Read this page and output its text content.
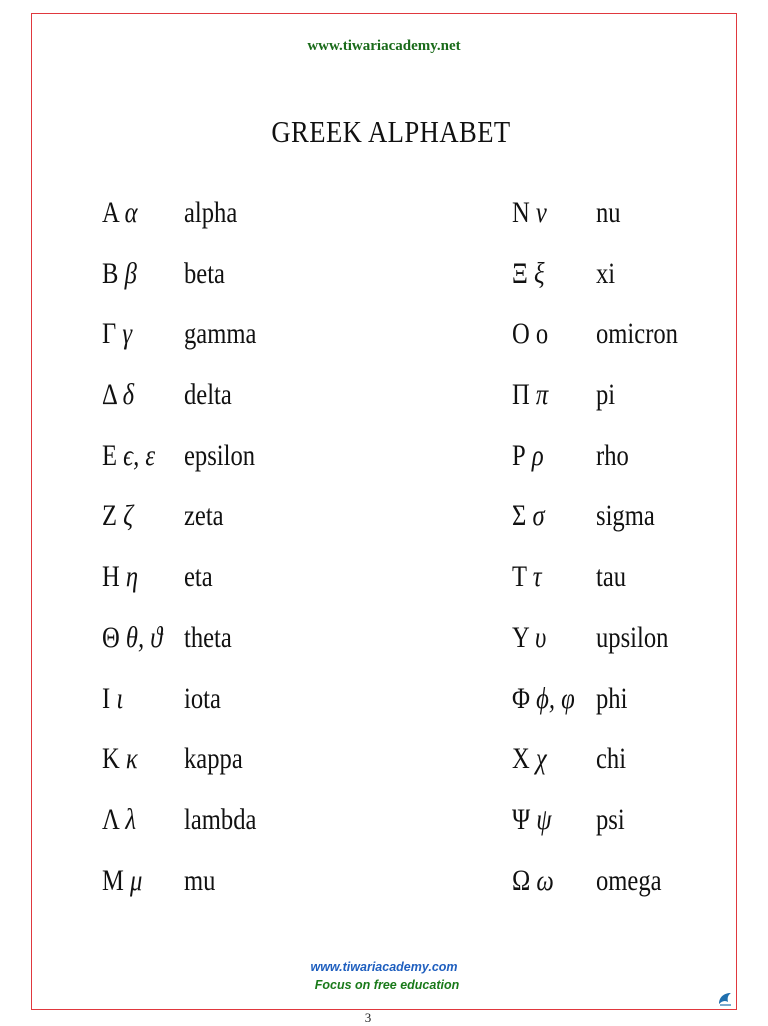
www.tiwariacademy.net
GREEK ALPHABET
Α α alpha
Β β beta
Γ γ gamma
Δ δ delta
Ε ϵ, ε epsilon
Ζ ζ zeta
Η η eta
Θ θ, ϑ theta
Ι ι iota
Κ κ kappa
Λ λ lambda
Μ μ mu
Ν ν nu
Ξ ξ xi
Ο ο omicron
Π π pi
Ρ ρ rho
Σ σ sigma
Τ τ tau
Υ υ upsilon
Φ ϕ, φ phi
Χ χ chi
Ψ ψ psi
Ω ω omega
www.tiwariacademy.com
Focus on free education
3
